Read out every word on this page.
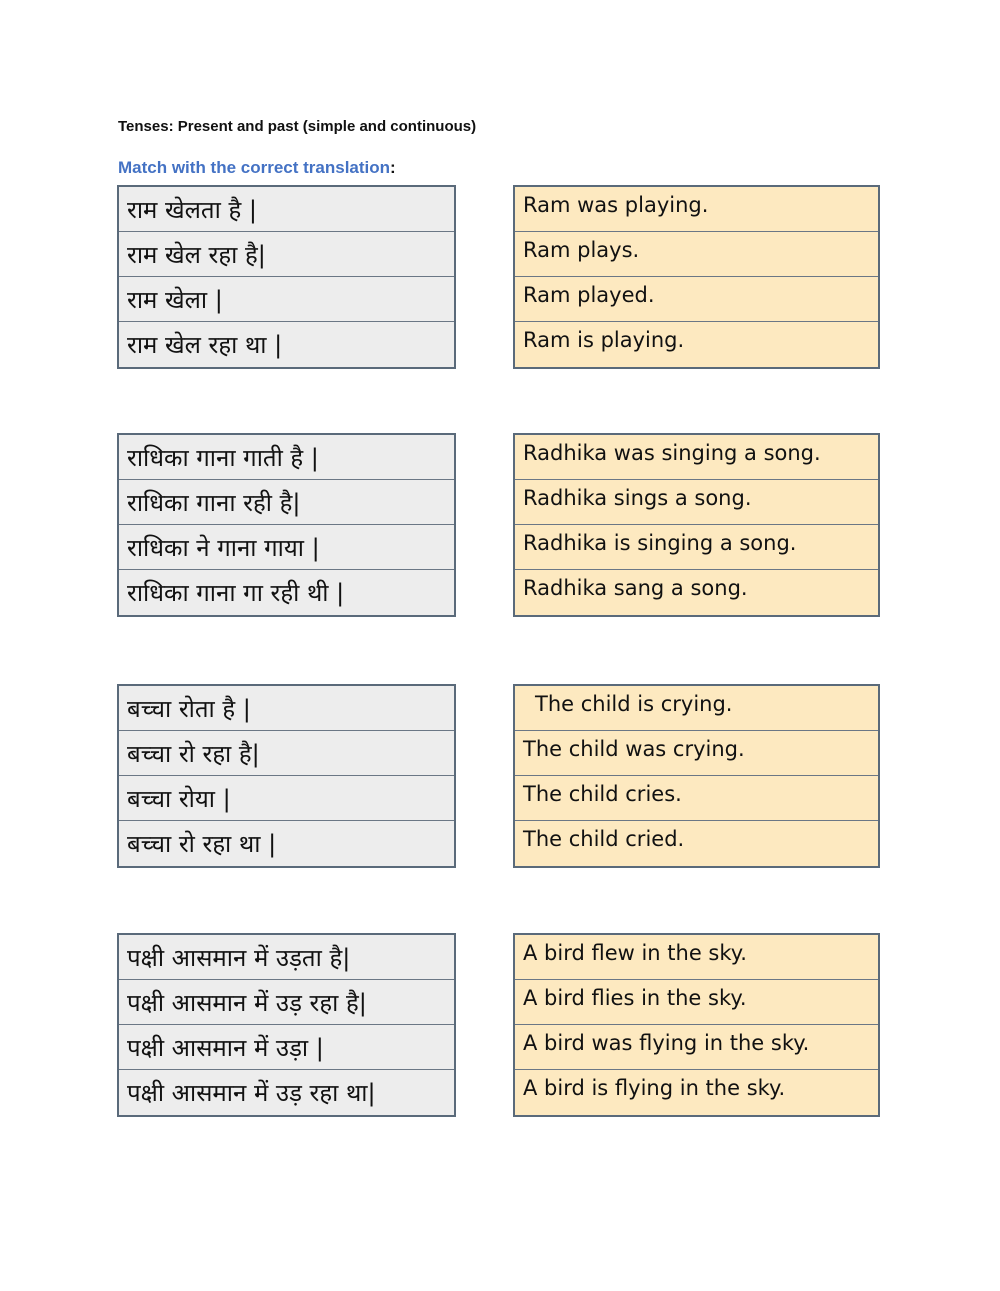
Tenses: Present and past (simple and continuous)
Match with the correct translation:
राम खेलता है |
राम खेल रहा है|
राम खेला |
राम खेल रहा था |
Ram was playing.
Ram plays.
Ram played.
Ram is playing.
राधिका गाना गाती है |
राधिका गाना रही है|
राधिका ने गाना गाया |
राधिका गाना गा रही थी |
Radhika was singing a song.
Radhika sings a song.
Radhika is singing a song.
Radhika sang a song.
बच्चा रोता है |
बच्चा रो रहा है|
बच्चा रोया |
बच्चा रो रहा था |
The child is crying.
The child was crying.
The child cries.
The child cried.
पक्षी आसमान में उड़ता है|
पक्षी आसमान में उड़ रहा है|
पक्षी आसमान में उड़ा |
पक्षी आसमान में उड़ रहा था|
A bird flew in the sky.
A bird flies in the sky.
A bird was flying in the sky.
A bird is flying in the sky.
